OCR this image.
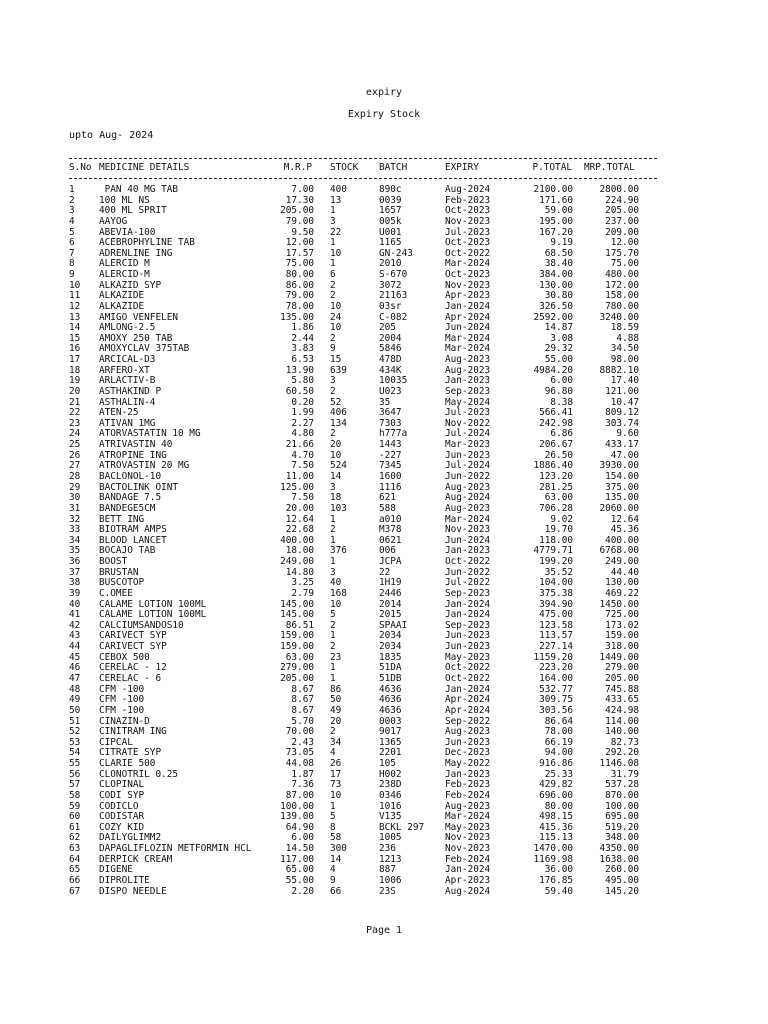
expiry
Expiry Stock
upto Aug- 2024
S.No MEDICINE DETAILS	M.R.P STOCK BATCH	EXPIRY	P.TOTAL MRP.TOTAL
1	PAN 40 MG TAB	7.00 400	890c	Aug-2024	2100.00	2800.00
2	100 ML NS	17.30 13	0039	Feb-2023	171.60	224.90
3	400 ML SPRIT	205.00 1	1657	Oct-2023	59.00	205.00
4	AAYOG	79.00 3	005k	Nov-2023	195.00	237.00
5	ABEVIA-100	9.50 22	U001	Jul-2023	167.20	209.00
6	ACEBROPHYLINE TAB	12.00 1	1165	Oct-2023	9.19	12.00
7	ADRENLINE ING	17.57 10	GN-243	Oct-2022	68.50	175.70
8	ALERCID M	75.00 1	2010	Mar-2024	38.40	75.00
9	ALERCID-M	80.00 6	S-670	Oct-2023	384.00	480.00
10 ALKAZID SYP	86.00 2	3072	Nov-2023	130.00	172.00
11 ALKAZIDE	79.00 2	21163	Apr-2023	30.80	158.00
12 ALKAZIDE	78.00 10	03sr	Jan-2024	326.50	780.00
13 AMIGO VENFELEN	135.00 24	C-082	Apr-2024	2592.00	3240.00
14 AMLONG-2.5	1.86 10	205	Jun-2024	14.87	18.59
15 AMOXY 250 TAB	2.44 2	2004	Mar-2024	3.08	4.88
16 AMOXYCLAV 375TAB	3.83 9	5846	Mar-2024	29.32	34.50
17 ARCICAL-D3	6.53 15	478D	Aug-2023	55.00	98.00
18 ARFERO-XT	13.90 639	434K	Aug-2023	4984.20	8882.10
19 ARLACTIV-B	5.80 3	10035	Jan-2023	6.00	17.40
20 ASTHAKIND P	60.50 2	U023	Sep-2023	96.80	121.00
21 ASTHALIN-4	0.20 52	35	May-2024	8.38	10.47
22 ATEN-25	1.99 406	3647	Jul-2023	566.41	809.12
23 ATIVAN 1MG	2.27 134	7303	Nov-2022	242.98	303.74
24 ATORVASTATIN 10 MG	4.80 2	h777a	Jul-2024	6.86	9.60
25 ATRIVASTIN 40	21.66 20	1443	Mar-2023	206.67	433.17
26 ATROPINE ING	4.70 10	-227	Jun-2023	26.50	47.00
27 ATROVASTIN 20 MG	7.50 524	7345	Jul-2024	1886.40	3930.00
28 BACLONOL-10	11.00 14	1600	Jun-2022	123.20	154.00
29 BACTOLINK OINT	125.00 3	1116	Aug-2023	281.25	375.00
30 BANDAGE 7.5	7.50 18	621	Aug-2024	63.00	135.00
31 BANDEGE5CM	20.00 103	588	Aug-2023	706.28	2060.00
32 BETT ING	12.64 1	a010	Mar-2024	9.02	12.64
33 BIOTRAM AMPS	22.68 2	M378	Nov-2023	19.70	45.36
34 BLOOD LANCET	400.00 1	0621	Jun-2024	118.00	400.00
35 BOCAJO TAB	18.00 376	006	Jan-2023	4779.71	6768.00
36 BOOST	249.00 1	JCPA	Oct-2022	199.20	249.00
37 BRUSTAN	14.80 3	22	Jun-2022	35.52	44.40
38 BUSCOTOP	3.25 40	1H19	Jul-2022	104.00	130.00
39 C.OMEE	2.79 168	2446	Sep-2023	375.38	469.22
40 CALAME LOTION 100ML	145.00 10	2014	Jan-2024	394.90	1450.00
41 CALAME LOTION 100ML	145.00 5	2015	Jan-2024	475.00	725.00
42 CALCIUMSANDOS10	86.51 2	SPAAI	Sep-2023	123.58	173.02
43 CARIVECT SYP	159.00 1	2034	Jun-2023	113.57	159.00
44 CARIVECT SYP	159.00 2	2034	Jun-2023	227.14	318.00
45 CEBOX 500	63.00 23	1835	May-2023	1159.20	1449.00
46 CERELAC - 12	279.00 1	51DA	Oct-2022	223.20	279.00
47 CERELAC - 6	205.00 1	51DB	Oct-2022	164.00	205.00
48 CFM -100	8.67 86	4636	Jan-2024	532.77	745.88
49 CFM -100	8.67 50	4636	Apr-2024	309.75	433.65
50 CFM -100	8.67 49	4636	Apr-2024	303.56	424.98
51 CINAZIN-D	5.70 20	0003	Sep-2022	86.64	114.00
52 CINITRAM ING	70.00 2	9017	Aug-2023	78.00	140.00
53 CIPCAL	2.43 34	1365	Jun-2023	66.19	82.73
54 CITRATE SYP	73.05 4	2201	Dec-2023	94.00	292.20
55 CLARIE 500	44.08 26	105	May-2022	916.86	1146.08
56 CLONOTRIL 0.25	1.87 17	H002	Jan-2023	25.33	31.79
57 CLOPINAL	7.36 73	238D	Feb-2023	429.82	537.28
58 CODI SYP	87.00 10	0346	Feb-2024	696.00	870.00
59 CODICLO	100.00 1	1016	Aug-2023	80.00	100.00
60 CODISTAR	139.00 5	V135	Mar-2024	498.15	695.00
61 COZY KID	64.90 8	BCKL 297 May-2023	415.36	519.20
62 DAILYGLIMM2	6.00 58	1005	Nov-2023	115.13	348.00
63 DAPAGLIFLOZIN METFORMIN HCL	14.50 300	236	Nov-2023	1470.00	4350.00
64 DERPICK CREAM	117.00 14	1213	Feb-2024	1169.98	1638.00
65 DIGENE	65.00 4	887	Jan-2024	36.00	260.00
66 DIPROLITE	55.00 9	1006	Apr-2023	176.85	495.00
67 DISPO NEEDLE	2.20 66	23S	Aug-2024	59.40	145.20
Page 1
